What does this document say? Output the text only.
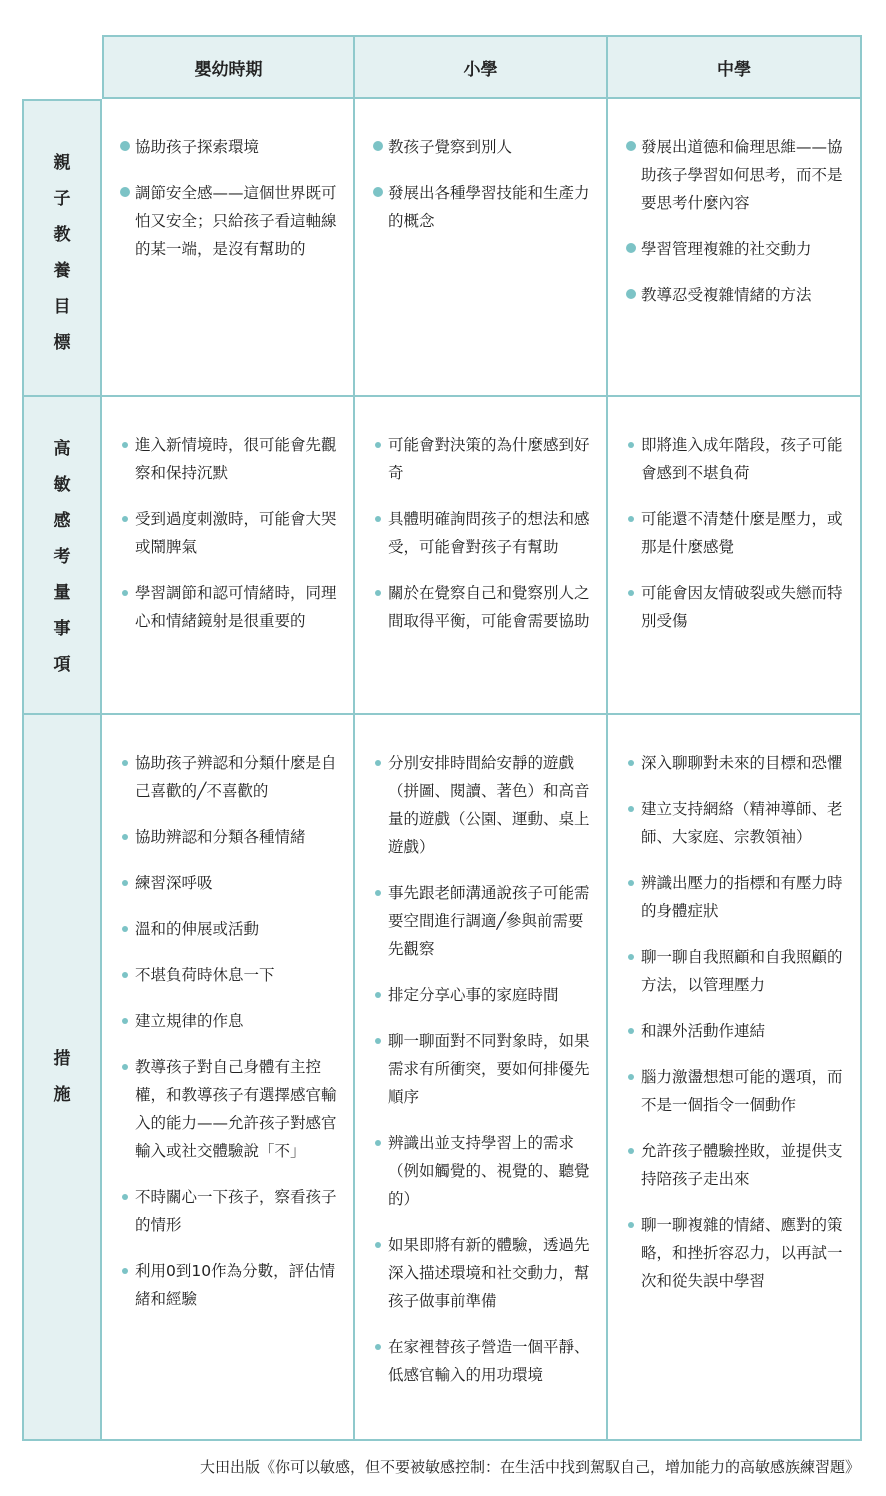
嬰幼時期	小學	中學
親
子
教
養
目
標
協助孩子探索環境
調節安全感——這個世界既可怕又安全；只給孩子看這軸線的某一端，是沒有幫助的
教孩子覺察到別人
發展出各種學習技能和生產力的概念
發展出道德和倫理思維——協助孩子學習如何思考，而不是要思考什麼內容
學習管理複雜的社交動力
教導忍受複雜情緒的方法
高
敏
感
考
量
事
項
進入新情境時，很可能會先觀察和保持沉默
受到過度刺激時，可能會大哭或鬧脾氣
學習調節和認可情緒時，同理心和情緒鏡射是很重要的
可能會對決策的為什麼感到好奇
具體明確詢問孩子的想法和感受，可能會對孩子有幫助
關於在覺察自己和覺察別人之間取得平衡，可能會需要協助
即將進入成年階段，孩子可能會感到不堪負荷
可能還不清楚什麼是壓力，或那是什麼感覺
可能會因友情破裂或失戀而特別受傷
措
施
協助孩子辨認和分類什麼是自己喜歡的╱不喜歡的
協助辨認和分類各種情緒
練習深呼吸
溫和的伸展或活動
不堪負荷時休息一下
建立規律的作息
教導孩子對自己身體有主控權，和教導孩子有選擇感官輸入的能力——允許孩子對感官輸入或社交體驗說「不」
不時關心一下孩子，察看孩子的情形
利用0到10作為分數，評估情緒和經驗
分別安排時間給安靜的遊戲（拼圖、閱讀、著色）和高音量的遊戲（公園、運動、桌上遊戲）
事先跟老師溝通說孩子可能需要空間進行調適╱參與前需要先觀察
排定分享心事的家庭時間
聊一聊面對不同對象時，如果需求有所衝突，要如何排優先順序
辨識出並支持學習上的需求（例如觸覺的、視覺的、聽覺的）
如果即將有新的體驗，透過先深入描述環境和社交動力，幫孩子做事前準備
在家裡替孩子營造一個平靜、低感官輸入的用功環境
深入聊聊對未來的目標和恐懼
建立支持網絡（精神導師、老師、大家庭、宗教領袖）
辨識出壓力的指標和有壓力時的身體症狀
聊一聊自我照顧和自我照顧的方法，以管理壓力
和課外活動作連結
腦力激盪想想可能的選項，而不是一個指令一個動作
允許孩子體驗挫敗，並提供支持陪孩子走出來
聊一聊複雜的情緒、應對的策略，和挫折容忍力，以再試一次和從失誤中學習
大田出版《你可以敏感，但不要被敏感控制：在生活中找到駕馭自己，增加能力的高敏感族練習題》
